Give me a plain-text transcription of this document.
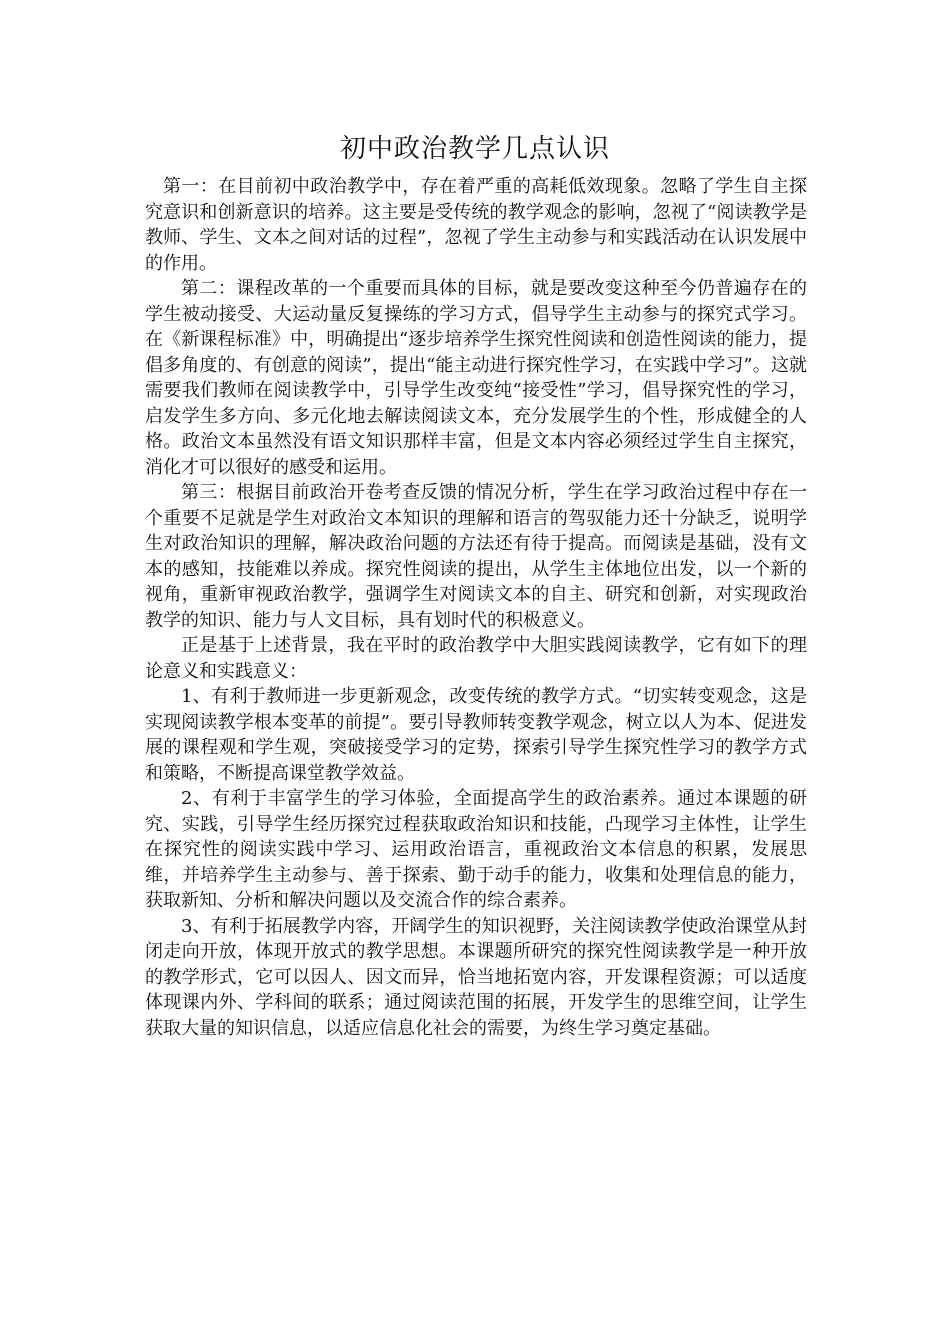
初中政治教学几点认识

第一：在目前初中政治教学中，存在着严重的高耗低效现象。忽略了学生自主探究意识和创新意识的培养。这主要是受传统的教学观念的影响，忽视了“阅读教学是教师、学生、文本之间对话的过程”，忽视了学生主动参与和实践活动在认识发展中的作用。

第二：课程改革的一个重要而具体的目标，就是要改变这种至今仍普遍存在的学生被动接受、大运动量反复操练的学习方式，倡导学生主动参与的探究式学习。在《新课程标准》中，明确提出“逐步培养学生探究性阅读和创造性阅读的能力，提倡多角度的、有创意的阅读”，提出“能主动进行探究性学习，在实践中学习”。这就需要我们教师在阅读教学中，引导学生改变纯“接受性”学习，倡导探究性的学习，启发学生多方向、多元化地去解读阅读文本，充分发展学生的个性，形成健全的人格。政治文本虽然没有语文知识那样丰富，但是文本内容必须经过学生自主探究，消化才可以很好的感受和运用。

第三：根据目前政治开卷考查反馈的情况分析，学生在学习政治过程中存在一个重要不足就是学生对政治文本知识的理解和语言的驾驭能力还十分缺乏，说明学生对政治知识的理解，解决政治问题的方法还有待于提高。而阅读是基础，没有文本的感知，技能难以养成。探究性阅读的提出，从学生主体地位出发，以一个新的视角，重新审视政治教学，强调学生对阅读文本的自主、研究和创新，对实现政治教学的知识、能力与人文目标，具有划时代的积极意义。

正是基于上述背景，我在平时的政治教学中大胆实践阅读教学，它有如下的理论意义和实践意义：

1、有利于教师进一步更新观念，改变传统的教学方式。“切实转变观念，这是实现阅读教学根本变革的前提”。要引导教师转变教学观念，树立以人为本、促进发展的课程观和学生观，突破接受学习的定势，探索引导学生探究性学习的教学方式和策略，不断提高课堂教学效益。

2、有利于丰富学生的学习体验，全面提高学生的政治素养。通过本课题的研究、实践，引导学生经历探究过程获取政治知识和技能，凸现学习主体性，让学生在探究性的阅读实践中学习、运用政治语言，重视政治文本信息的积累，发展思维，并培养学生主动参与、善于探索、勤于动手的能力，收集和处理信息的能力，获取新知、分析和解决问题以及交流合作的综合素养。

3、有利于拓展教学内容，开阔学生的知识视野，关注阅读教学使政治课堂从封闭走向开放，体现开放式的教学思想。本课题所研究的探究性阅读教学是一种开放的教学形式，它可以因人、因文而异，恰当地拓宽内容，开发课程资源；可以适度体现课内外、学科间的联系；通过阅读范围的拓展，开发学生的思维空间，让学生获取大量的知识信息，以适应信息化社会的需要，为终生学习奠定基础。
